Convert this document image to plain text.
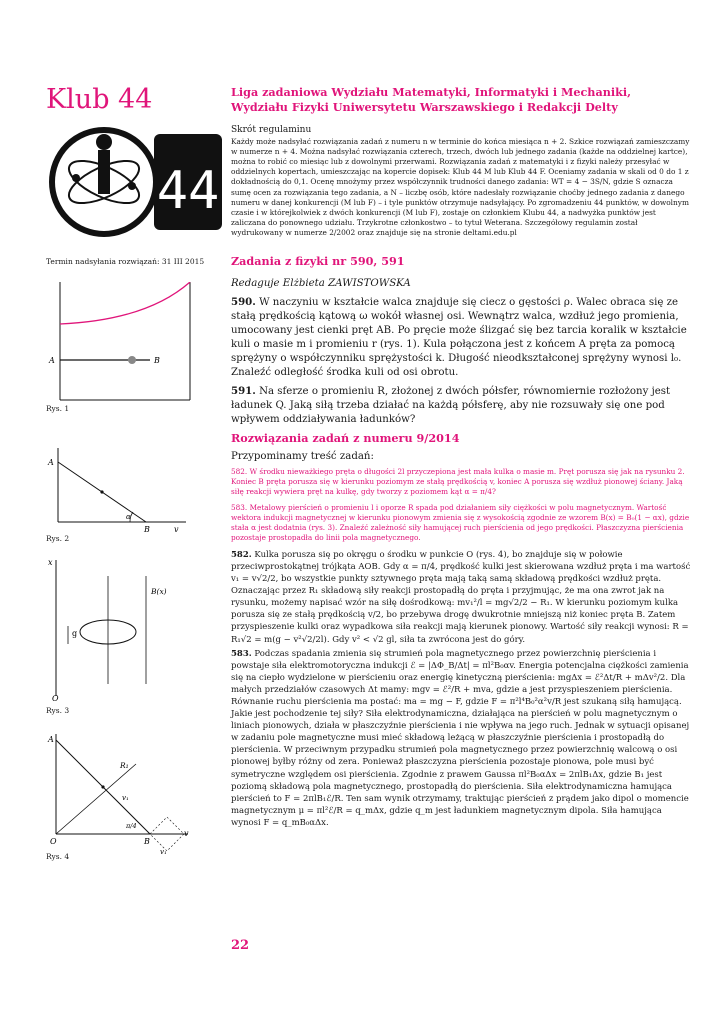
Klub 44
44
Termin nadsyłania rozwiązań: 31 III 2015
A	B
Rys. 1
A
B
α
v
Rys. 2
x
O
B(x)
g
Rys. 3
A
O	B
R₁
v₁
v₁
v
π/4
Rys. 4
Liga zadaniowa Wydziału Matematyki, Informatyki i Mechaniki, Wydziału Fizyki Uniwersytetu Warszawskiego i Redakcji Delty
Skrót regulaminu
Każdy może nadsyłać rozwiązania zadań z numeru n w terminie do końca miesiąca n + 2. Szkice rozwiązań zamieszczamy w numerze n + 4. Można nadsyłać rozwiązania czterech, trzech, dwóch lub jednego zadania (każde na oddzielnej kartce), można to robić co miesiąc lub z dowolnymi przerwami. Rozwiązania zadań z matematyki i z fizyki należy przesyłać w oddzielnych kopertach, umieszczając na kopercie dopisek: Klub 44 M lub Klub 44 F. Oceniamy zadania w skali od 0 do 1 z dokładnością do 0,1. Ocenę mnożymy przez współczynnik trudności danego zadania: WT = 4 − 3S/N, gdzie S oznacza sumę ocen za rozwiązania tego zadania, a N – liczbę osób, które nadesłały rozwiązanie choćby jednego zadania z danego numeru w danej konkurencji (M lub F) – i tyle punktów otrzymuje nadsyłający. Po zgromadzeniu 44 punktów, w dowolnym czasie i w którejkolwiek z dwóch konkurencji (M lub F), zostaje on członkiem Klubu 44, a nadwyżka punktów jest zaliczana do ponownego udziału. Trzykrotne członkostwo – to tytuł Weterana. Szczegółowy regulamin został wydrukowany w numerze 2/2002 oraz znajduje się na stronie deltami.edu.pl
Zadania z fizyki nr 590, 591
Redaguje Elżbieta ZAWISTOWSKA

590. W naczyniu w kształcie walca znajduje się ciecz o gęstości ρ. Walec obraca się ze stałą prędkością kątową ω wokół własnej osi. Wewnątrz walca, wzdłuż jego promienia, umocowany jest cienki pręt AB. Po pręcie może ślizgać się bez tarcia koralik w kształcie kuli o masie m i promieniu r (rys. 1). Kula połączona jest z końcem A pręta za pomocą sprężyny o współczynniku sprężystości k. Długość nieodkształconej sprężyny wynosi l₀. Znaleźć odległość środka kuli od osi obrotu.

591. Na sferze o promieniu R, złożonej z dwóch półsfer, równomiernie rozłożony jest ładunek Q. Jaką siłą trzeba działać na każdą półsferę, aby nie rozsuwały się one pod wpływem oddziaływania ładunków?

Rozwiązania zadań z numeru 9/2014
Przypominamy treść zadań:

582. W środku nieważkiego pręta o długości 2l przyczepiona jest mała kulka o masie m. Pręt porusza się jak na rysunku 2. Koniec B pręta porusza się w kierunku poziomym ze stałą prędkością v, koniec A porusza się wzdłuż pionowej ściany. Jaką siłę reakcji wywiera pręt na kulkę, gdy tworzy z poziomem kąt α = π/4?

583. Metalowy pierścień o promieniu l i oporze R spada pod działaniem siły ciężkości w polu magnetycznym. Wartość wektora indukcji magnetycznej w kierunku pionowym zmienia się z wysokością zgodnie ze wzorem B(x) = B₀(1 − αx), gdzie stała α jest dodatnia (rys. 3). Znaleźć zależność siły hamującej ruch pierścienia od jego prędkości. Płaszczyzna pierścienia pozostaje prostopadła do linii pola magnetycznego.

582. Kulka porusza się po okręgu o środku w punkcie O (rys. 4), bo znajduje się w połowie przeciwprostokątnej trójkąta AOB. Gdy α = π/4, prędkość kulki jest skierowana wzdłuż pręta i ma wartość v₁ = v√2/2, bo wszystkie punkty sztywnego pręta mają taką samą składową prędkości wzdłuż pręta. Oznaczając przez R₁ składową siły reakcji prostopadłą do pręta i przyjmując, że ma ona zwrot jak na rysunku, możemy napisać wzór na siłę dośrodkową: mv₁²/l = mg√2/2 − R₁. W kierunku poziomym kulka porusza się ze stałą prędkością v/2, bo przebywa drogę dwukrotnie mniejszą niż koniec pręta B. Zatem przyspieszenie kulki oraz wypadkowa siła reakcji mają kierunek pionowy. Wartość siły reakcji wynosi: R = R₁√2 = m(g − v²√2/2l). Gdy v² < √2 gl, siła ta zwrócona jest do góry.

583. Podczas spadania zmienia się strumień pola magnetycznego przez powierzchnię pierścienia i powstaje siła elektromotoryczna indukcji ℰ = |ΔΦ_B/Δt| = πl²B₀αv. Energia potencjalna ciężkości zamienia się na ciepło wydzielone w pierścieniu oraz energię kinetyczną pierścienia: mgΔx = ℰ²Δt/R + mΔv²/2. Dla małych przedziałów czasowych Δt mamy: mgv = ℰ²/R + mva, gdzie a jest przyspieszeniem pierścienia. Równanie ruchu pierścienia ma postać: ma = mg − F, gdzie F = π²l⁴B₀²α²v/R jest szukaną siłą hamującą. Jakie jest pochodzenie tej siły? Siła elektrodynamiczna, działająca na pierścień w polu magnetycznym o liniach pionowych, działa w płaszczyźnie pierścienia i nie wpływa na jego ruch. Jednak w sytuacji opisanej w zadaniu pole magnetyczne musi mieć składową leżącą w płaszczyźnie pierścienia i prostopadłą do pierścienia. W przeciwnym przypadku strumień pola magnetycznego przez powierzchnię walcową o osi pionowej byłby różny od zera. Ponieważ płaszczyzna pierścienia pozostaje pionowa, pole musi być symetryczne względem osi pierścienia. Zgodnie z prawem Gaussa πl²B₀αΔx = 2πlB₁Δx, gdzie B₁ jest poziomą składową pola magnetycznego, prostopadłą do pierścienia. Siła elektrodynamiczna hamująca pierścień to F = 2πlB₁ℰ/R. Ten sam wynik otrzymamy, traktując pierścień z prądem jako dipol o momencie magnetycznym μ = πl²ℰ/R = q_mΔx, gdzie q_m jest ładunkiem magnetycznym dipola. Siła hamująca wynosi F = q_mB₀αΔx.

22
